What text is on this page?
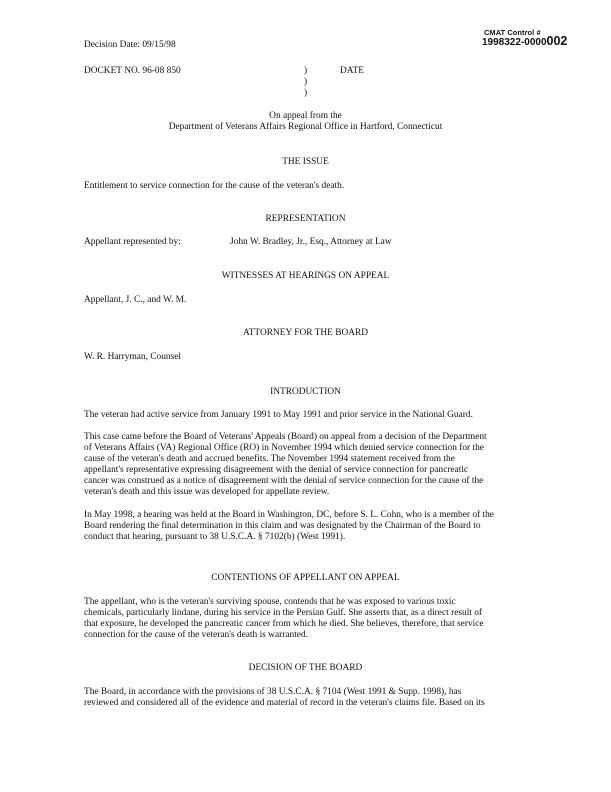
CMAT Control #
1998322-0000002
Decision Date: 09/15/98
DOCKET NO. 96-08 850	)
)
)
DATE
On appeal from the
Department of Veterans Affairs Regional Office in Hartford, Connecticut
THE ISSUE
Entitlement to service connection for the cause of the veteran's death.
REPRESENTATION
Appellant represented by:	John W. Bradley, Jr., Esq., Attorney at Law
WITNESSES AT HEARINGS ON APPEAL
Appellant, J. C., and W. M.
ATTORNEY FOR THE BOARD
W. R. Harryman, Counsel
INTRODUCTION
The veteran had active service from January 1991 to May 1991 and prior service in the National Guard.
This case came before the Board of Veterans' Appeals (Board) on appeal from a decision of the Department
of Veterans Affairs (VA) Regional Office (RO) in November 1994 which denied service connection for the
cause of the veteran's death and accrued benefits. The November 1994 statement received from the
appellant's representative expressing disagreement with the denial of service connection for pancreatic
cancer was construed as a notice of disagreement with the denial of service connection for the cause of the
veteran's death and this issue was developed for appellate review.
In May 1998, a hearing was held at the Board in Washington, DC, before S. L. Cohn, who is a member of the
Board rendering the final determination in this claim and was designated by the Chairman of the Board to
conduct that hearing, pursuant to 38 U.S.C.A. § 7102(b) (West 1991).
CONTENTIONS OF APPELLANT ON APPEAL
The appellant, who is the veteran's surviving spouse, contends that he was exposed to various toxic
chemicals, particularly lindane, during his service in the Persian Gulf. She asserts that, as a direct result of
that exposure, he developed the pancreatic cancer from which he died. She believes, therefore, that service
connection for the cause of the veteran's death is warranted.
DECISION OF THE BOARD
The Board, in accordance with the provisions of 38 U.S.C.A. § 7104 (West 1991 & Supp. 1998), has
reviewed and considered all of the evidence and material of record in the veteran's claims file. Based on its
